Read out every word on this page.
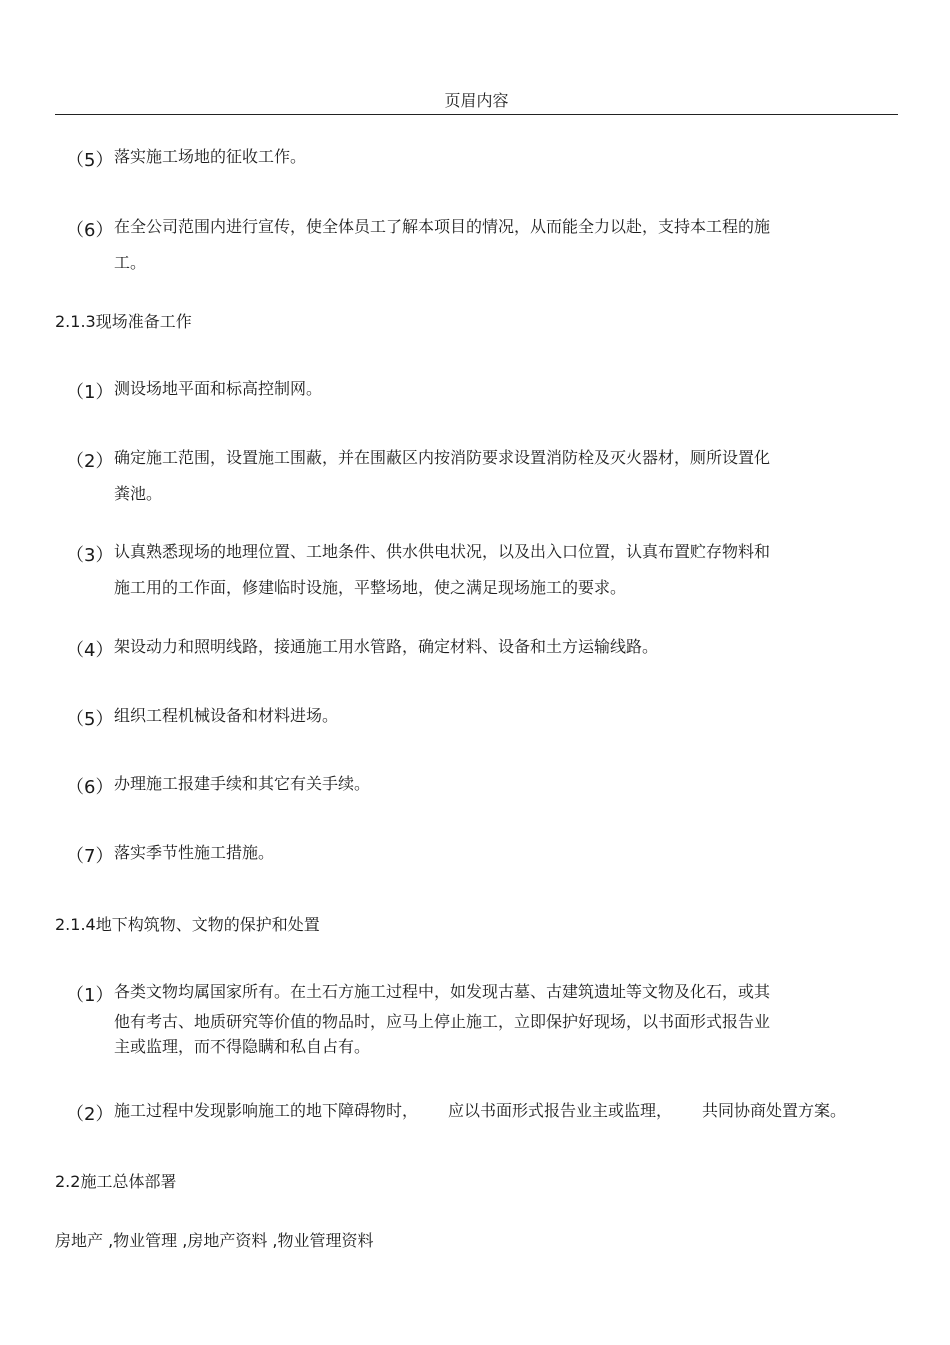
页眉内容
（5） 落实施工场地的征收工作。
（6） 在全公司范围内进行宣传，使全体员工了解本项目的情况，从而能全力以赴，支持本工程的施
工。
2.1.3现场准备工作
（1） 测设场地平面和标高控制网。
（2） 确定施工范围，设置施工围蔽，并在围蔽区内按消防要求设置消防栓及灭火器材，厕所设置化
粪池。
（3） 认真熟悉现场的地理位置、工地条件、供水供电状况，以及出入口位置，认真布置贮存物料和
施工用的工作面，修建临时设施，平整场地，使之满足现场施工的要求。
（4） 架设动力和照明线路，接通施工用水管路，确定材料、设备和土方运输线路。
（5） 组织工程机械设备和材料进场。
（6） 办理施工报建手续和其它有关手续。
（7） 落实季节性施工措施。
2.1.4地下构筑物、文物的保护和处置
（1） 各类文物均属国家所有。在土石方施工过程中，如发现古墓、古建筑遗址等文物及化石，或其
他有考古、地质研究等价值的物品时，应马上停止施工，立即保护好现场，以书面形式报告业
主或监理，而不得隐瞒和私自占有。
（2） 施工过程中发现影响施工的地下障碍物时， 应以书面形式报告业主或监理， 共同协商处置方案。
2.2施工总体部署
房地产 ,物业管理 ,房地产资料 ,物业管理资料
